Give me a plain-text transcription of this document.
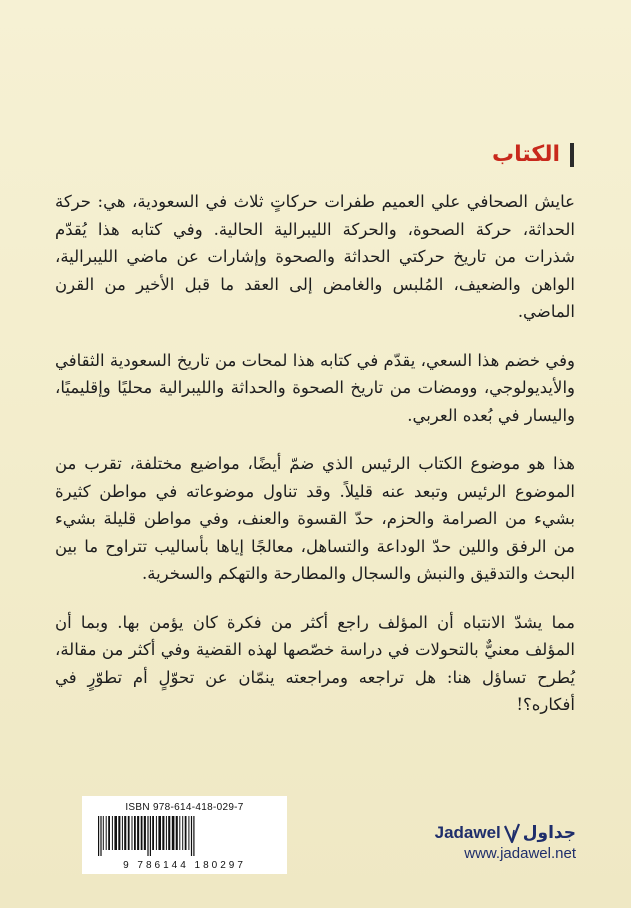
الكتاب

عايش الصحافي علي العميم طفرات حركاتٍ ثلاث في السعودية، هي: حركة الحداثة، حركة الصحوة، والحركة الليبرالية الحالية. وفي كتابه هذا يُقدّم شذرات من تاريخ حركتي الحداثة والصحوة وإشارات عن ماضي الليبرالية، الواهن والضعيف، المُلبس والغامض إلى العقد ما قبل الأخير من القرن الماضي.

وفي خضم هذا السعي، يقدّم في كتابه هذا لمحات من تاريخ السعودية الثقافي والأيديولوجي، وومضات من تاريخ الصحوة والحداثة والليبرالية محليًا وإقليميًا، واليسار في بُعده العربي.

هذا هو موضوع الكتاب الرئيس الذي ضمّ أيضًا، مواضيع مختلفة، تقرب من الموضوع الرئيس وتبعد عنه قليلاً. وقد تناول موضوعاته في مواطن كثيرة بشيء من الصرامة والحزم، حدّ القسوة والعنف، وفي مواطن قليلة بشيء من الرفق واللين حدّ الوداعة والتساهل، معالجًا إياها بأساليب تتراوح ما بين البحث والتدقيق والنبش والسجال والمطارحة والتهكم والسخرية.

مما يشدّ الانتباه أن المؤلف راجع أكثر من فكرة كان يؤمن بها. وبما أن المؤلف معنيٌّ بالتحولات في دراسة خصّصها لهذه القضية وفي أكثر من مقالة، يُطرح تساؤل هنا: هل تراجعه ومراجعته ينمّان عن تحوّلٍ أم تطوّرٍ في أفكاره؟!

ISBN 978-614-418-029-7
9 786144 180297
Jadawel جداول
www.jadawel.net
